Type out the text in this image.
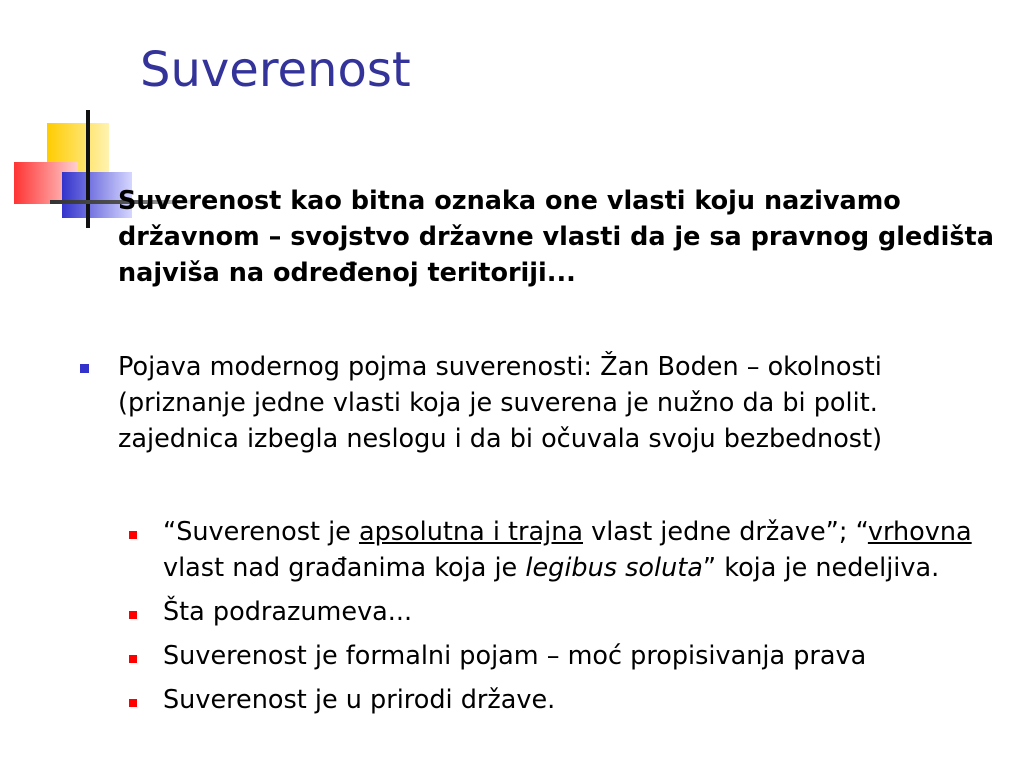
Suverenost
Suverenost kao bitna oznaka one vlasti koju nazivamo državnom – svojstvo državne vlasti da je sa pravnog gledišta najviša na određenoj teritoriji...
Pojava modernog pojma suverenosti: Žan Boden – okolnosti (priznanje jedne vlasti koja je suverena je nužno da bi polit. zajednica izbegla neslogu i da bi očuvala svoju bezbednost)
“Suverenost je apsolutna i trajna vlast jedne države”; “vrhovna vlast nad građanima koja je legibus soluta” koja je nedeljiva.
Šta podrazumeva...
Suverenost je formalni pojam – moć propisivanja prava
Suverenost je u prirodi države.
